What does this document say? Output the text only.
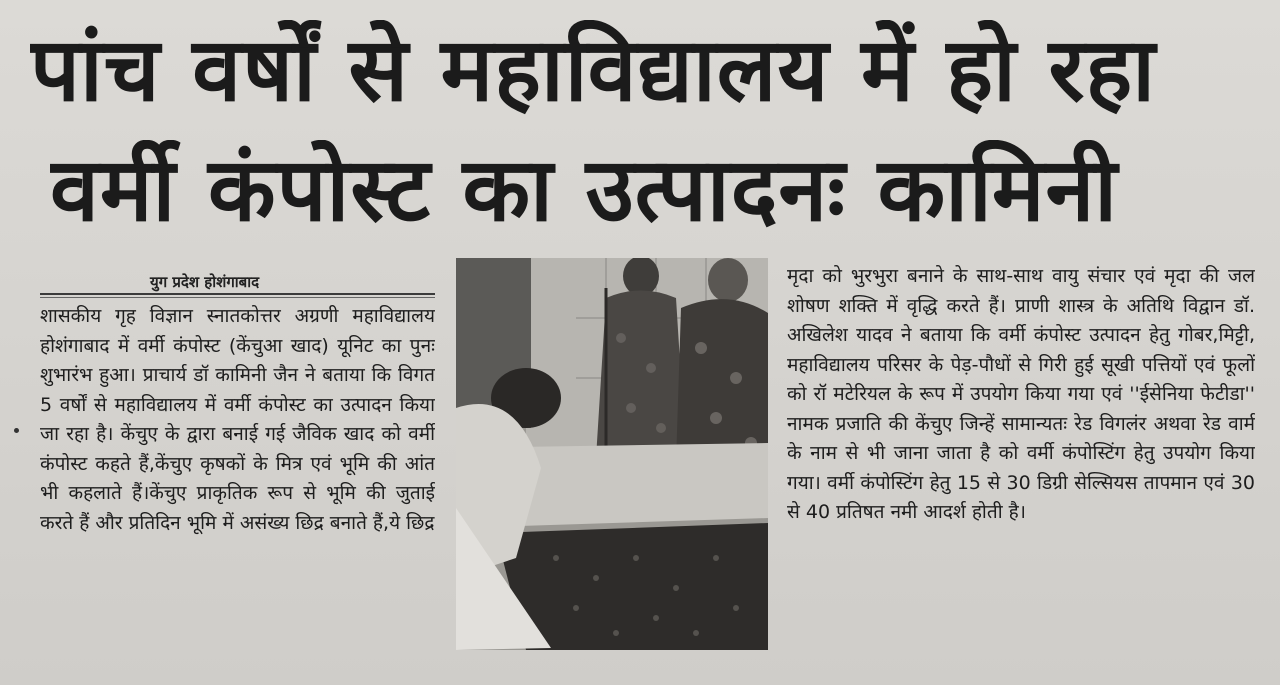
पांच वर्षों से महाविद्यालय में हो रहा
वर्मी कंपोस्ट का उत्पादनः कामिनी
युग प्रदेश होशंगाबाद

शासकीय गृह विज्ञान स्नातकोत्तर अग्रणी महाविद्यालय होशंगाबाद में वर्मी कंपोस्ट (केंचुआ खाद) यूनिट का पुनः शुभारंभ हुआ। प्राचार्य डॉ कामिनी जैन ने बताया कि विगत 5 वर्षों से महाविद्यालय में वर्मी कंपोस्ट का उत्पादन किया जा रहा है। केंचुए के द्वारा बनाई गई जैविक खाद को वर्मी कंपोस्ट कहते हैं,केंचुए कृषकों के मित्र एवं भूमि की आंत भी कहलाते हैं।केंचुए प्राकृतिक रूप से भूमि की जुताई करते हैं और प्रतिदिन भूमि में असंख्य छिद्र बनाते हैं,ये छिद्र

मृदा को भुरभुरा बनाने के साथ-साथ वायु संचार एवं मृदा की जल शोषण शक्ति में वृद्धि करते हैं। प्राणी शास्त्र के अतिथि विद्वान डॉ. अखिलेश यादव ने बताया कि वर्मी कंपोस्ट उत्पादन हेतु गोबर,मिट्टी, महाविद्यालय परिसर के पेड़-पौधों से गिरी हुई सूखी पत्तियों एवं फूलों को रॉ मटेरियल के रूप में उपयोग किया गया एवं ''ईसेनिया फेटीडा'' नामक प्रजाति की केंचुए जिन्हें सामान्यतः रेड विगलंर अथवा रेड वार्म के नाम से भी जाना जाता है को वर्मी कंपोस्टिंग हेतु उपयोग किया गया। वर्मी कंपोस्टिंग हेतु 15 से 30 डिग्री सेल्सियस तापमान एवं 30 से 40 प्रतिषत नमी आदर्श होती है।
